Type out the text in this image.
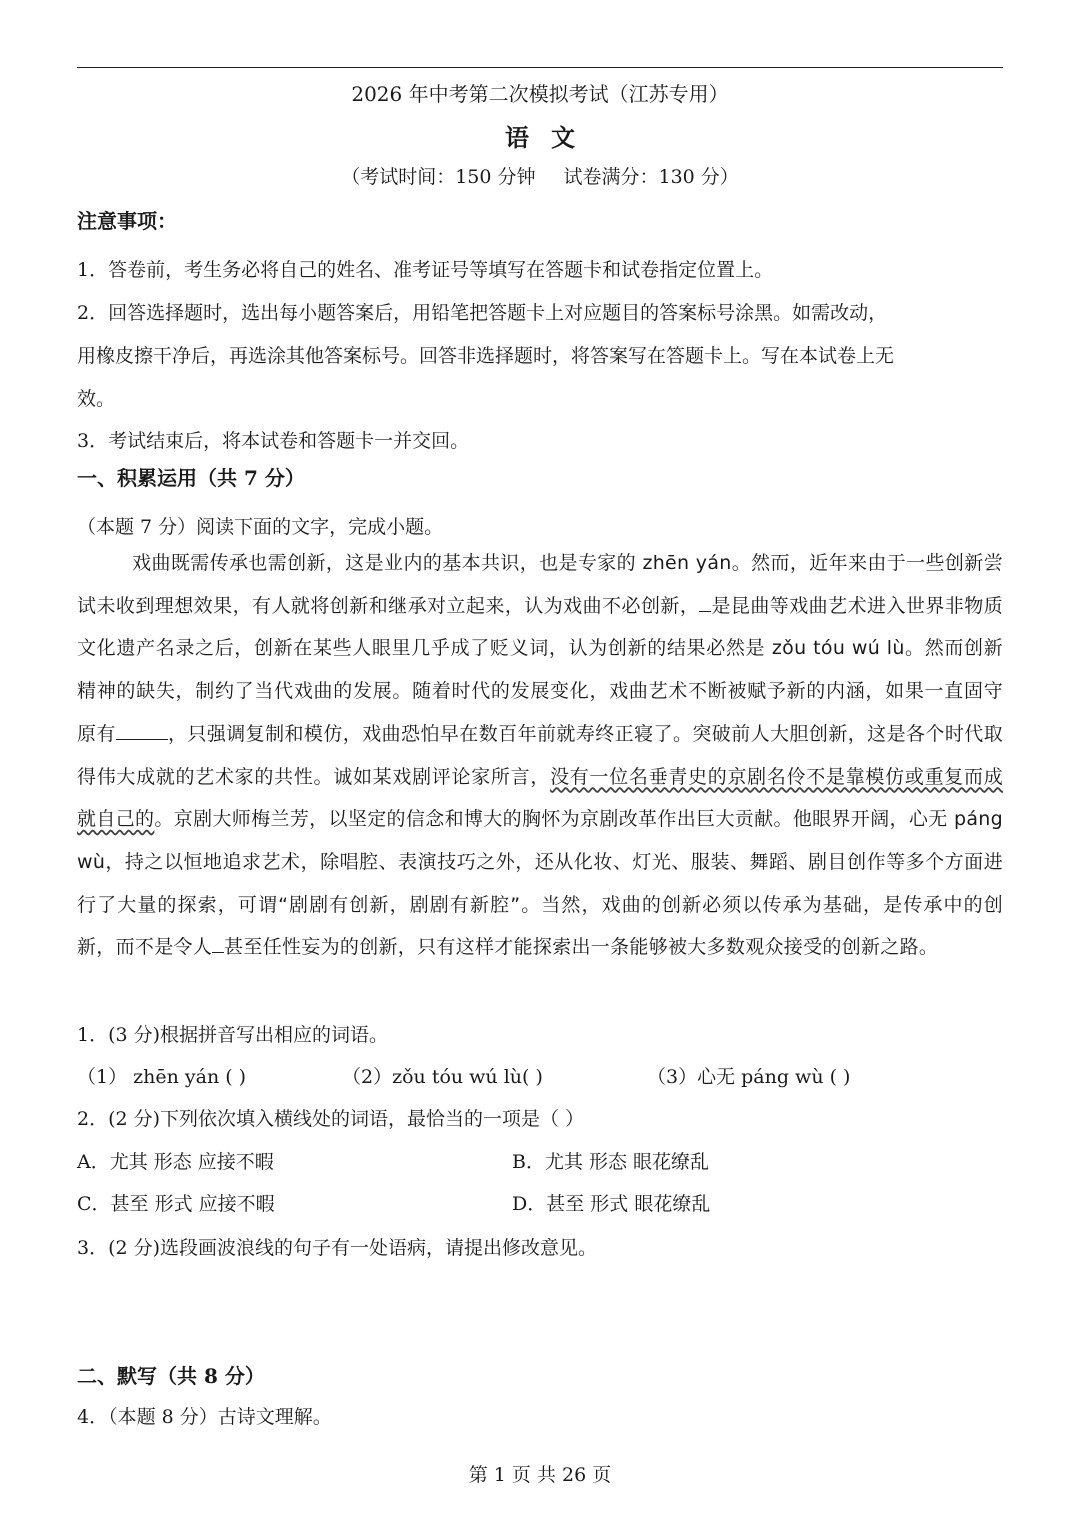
2026 年中考第二次模拟考试（江苏专用）
语文
（考试时间：150 分钟 试卷满分：130 分）
注意事项：
1．答卷前，考生务必将自己的姓名、准考证号等填写在答题卡和试卷指定位置上。
2．回答选择题时，选出每小题答案后，用铅笔把答题卡上对应题目的答案标号涂黑。如需改动，
用橡皮擦干净后，再选涂其他答案标号。回答非选择题时，将答案写在答题卡上。写在本试卷上无
效。
3．考试结束后，将本试卷和答题卡一并交回。
一、积累运用（共 7 分）
（本题 7 分）阅读下面的文字，完成小题。

戏曲既需传承也需创新，这是业内的基本共识，也是专家的 zhēn yán。然而，近年来由于一些创新尝试未收到理想效果，有人就将创新和继承对立起来，认为戏曲不必创新， 是昆曲等戏曲艺术进入世界非物质文化遗产名录之后，创新在某些人眼里几乎成了贬义词，认为创新的结果必然是 zǒu tóu wú lù。然而创新精神的缺失，制约了当代戏曲的发展。随着时代的发展变化，戏曲艺术不断被赋予新的内涵，如果一直固守原有	，只强调复制和模仿，戏曲恐怕早在数百年前就寿终正寝了。突破前人大胆创新，这是各个时代取得伟大成就的艺术家的共性。诚如某戏剧评论家所言，没有一位名垂青史的京剧名伶不是靠模仿或重复而成就自己的。京剧大师梅兰芳，以坚定的信念和博大的胸怀为京剧改革作出巨大贡献。他眼界开阔，心无 páng wù，持之以恒地追求艺术，除唱腔、表演技巧之外，还从化妆、灯光、服装、舞蹈、剧目创作等多个方面进行了大量的探索，可谓“剧剧有创新，剧剧有新腔”。当然，戏曲的创新必须以传承为基础，是传承中的创新，而不是令人 甚至任性妄为的创新，只有这样才能探索出一条能够被大多数观众接受的创新之路。

1．(3 分)根据拼音写出相应的词语。
（1） zhēn yán ( )	（2）zǒu tóu wú lù( )	（3）心无 páng wù ( )
2．(2 分)下列依次填入横线处的词语，最恰当的一项是（ ）
A．尤其 形态 应接不暇	B．尤其 形态 眼花缭乱
C．甚至 形式 应接不暇	D．甚至 形式 眼花缭乱
3．(2 分)选段画波浪线的句子有一处语病，请提出修改意见。
二、默写（共 8 分）
4．（本题 8 分）古诗文理解。
第 1 页 共 26 页
